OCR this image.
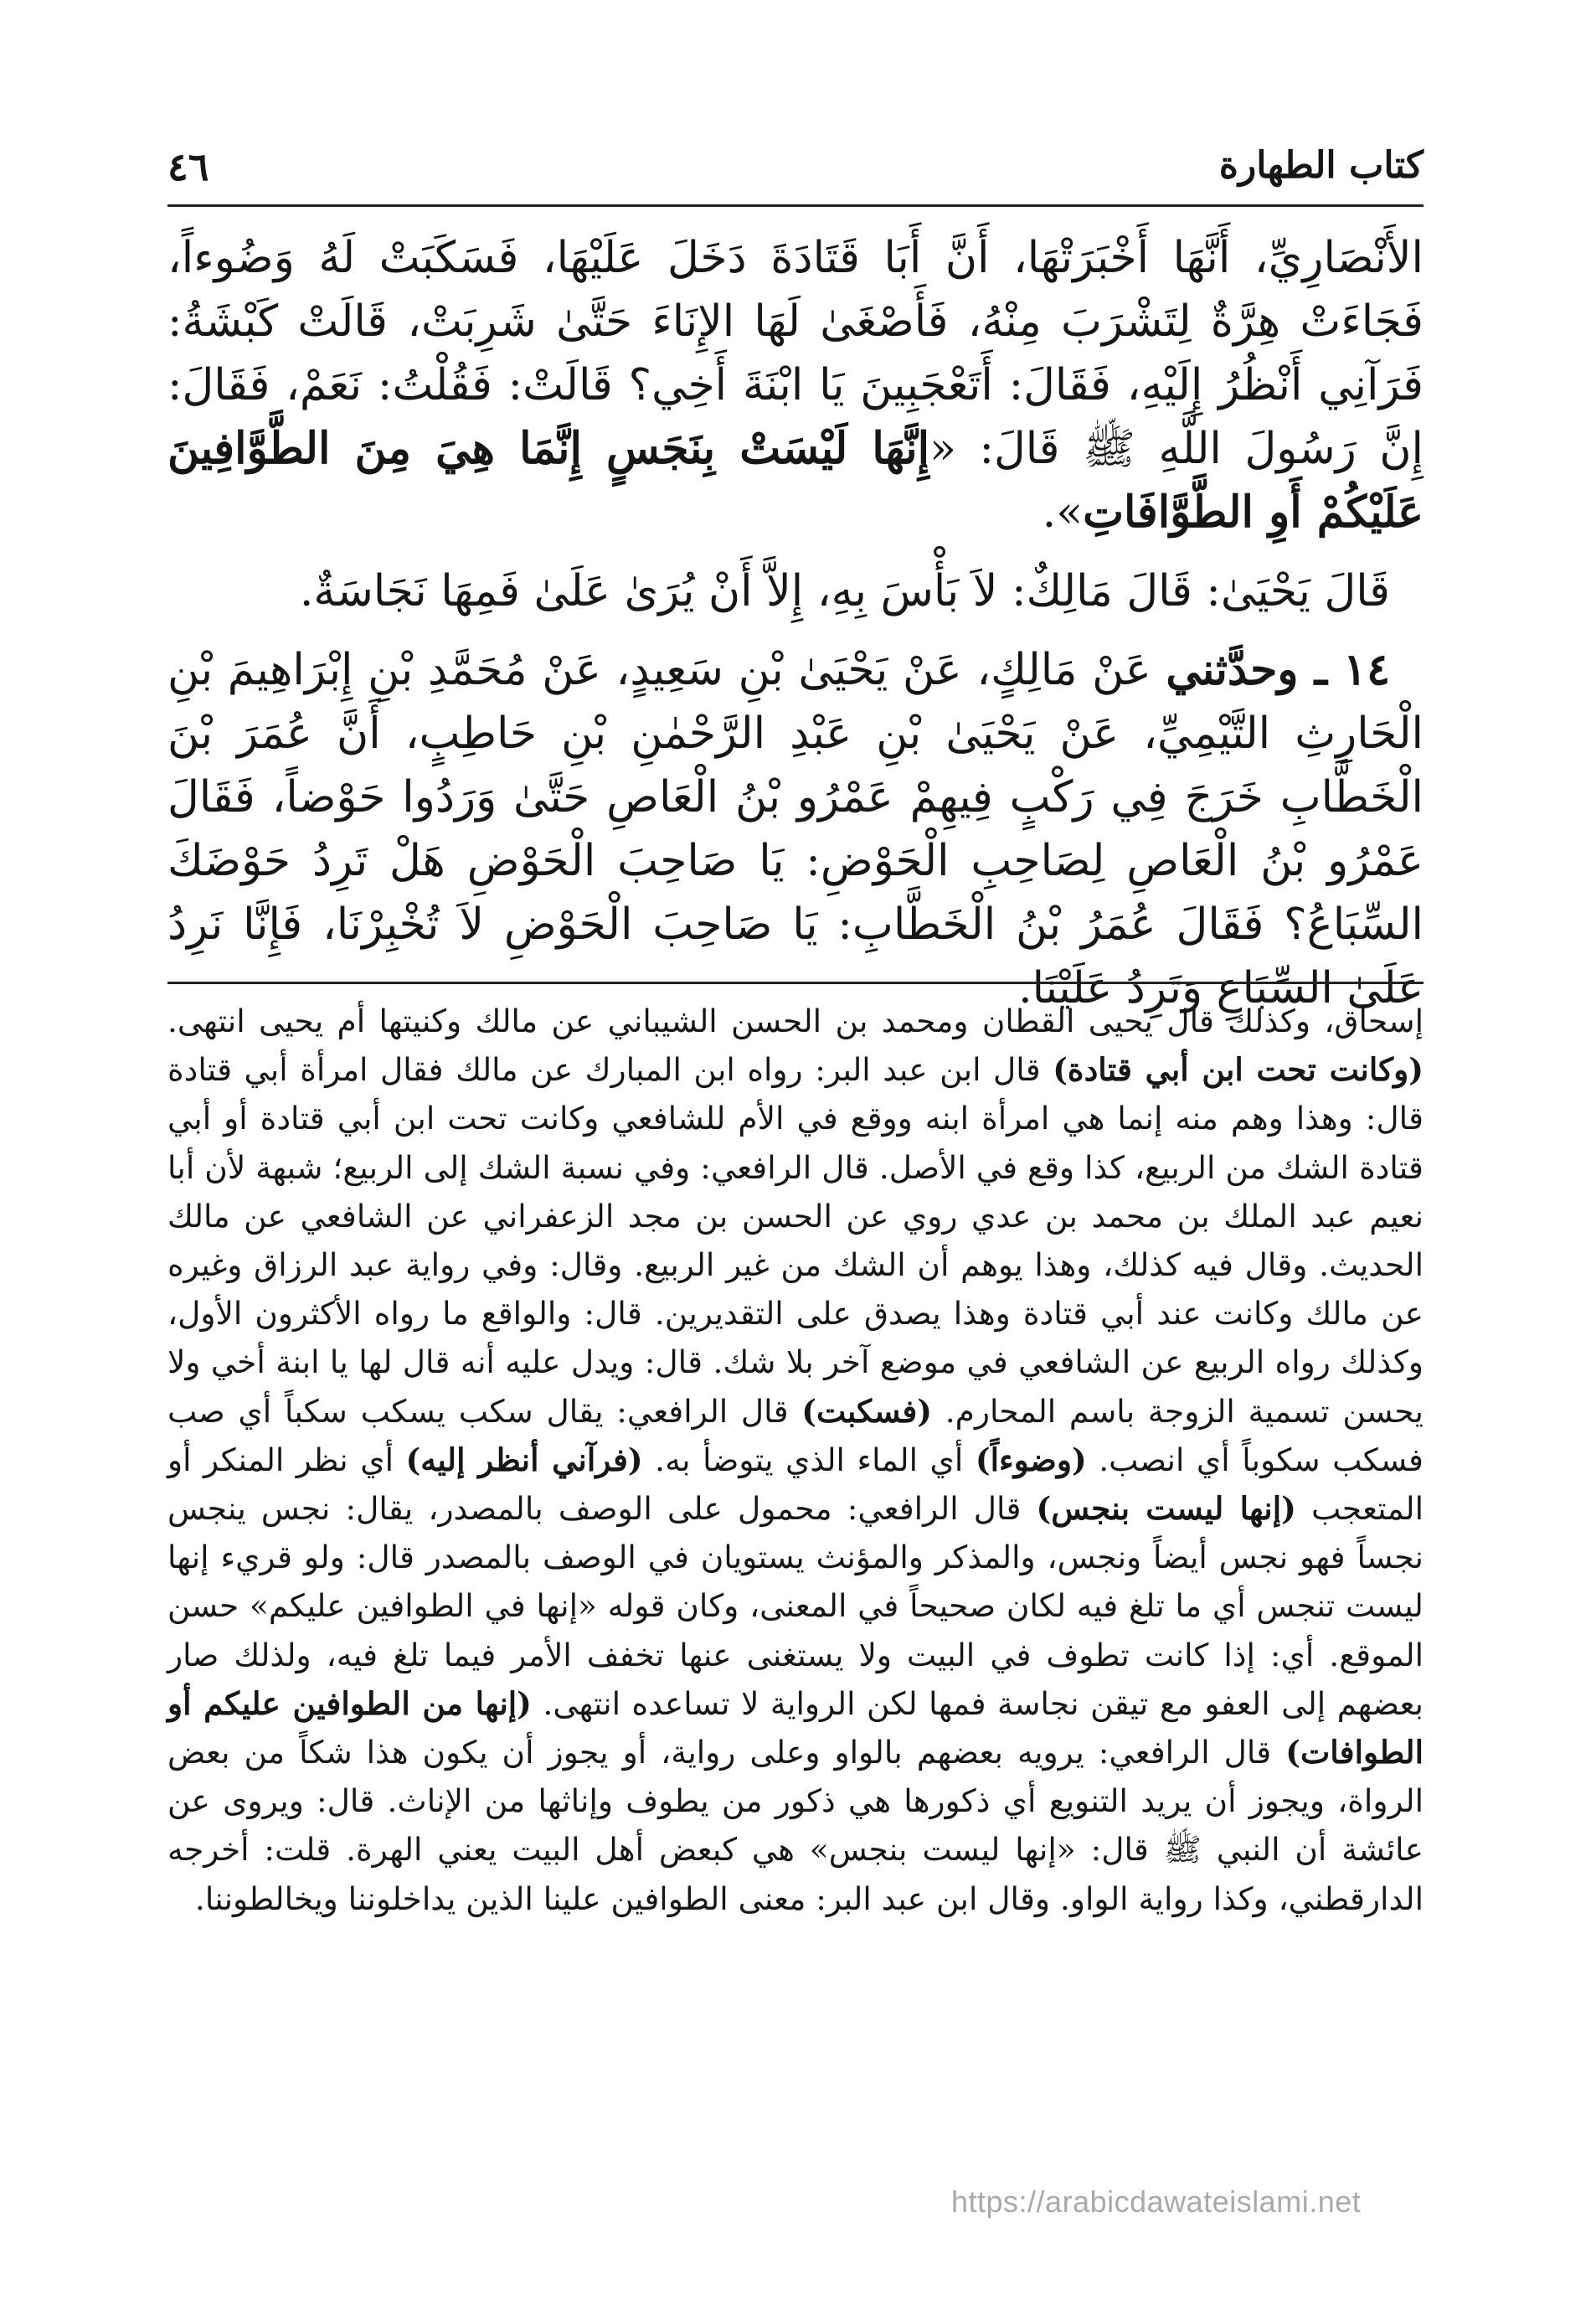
كتاب الطهارة
٤٦

الأَنْصَارِيِّ، أَنَّهَا أَخْبَرَتْهَا، أَنَّ أَبَا قَتَادَةَ دَخَلَ عَلَيْهَا، فَسَكَبَتْ لَهُ وَضُوءاً، فَجَاءَتْ هِرَّةٌ لِتَشْرَبَ مِنْهُ، فَأَصْغَىٰ لَهَا الإِنَاءَ حَتَّىٰ شَرِبَتْ، قَالَتْ كَبْشَةُ: فَرَآنِي أَنْظُرُ إِلَيْهِ، فَقَالَ: أَتَعْجَبِينَ يَا ابْنَةَ أَخِي؟ قَالَتْ: فَقُلْتُ: نَعَمْ، فَقَالَ: إِنَّ رَسُولَ اللَّهِ ﷺ قَالَ: «إِنَّهَا لَيْسَتْ بِنَجَسٍ إِنَّمَا هِيَ مِنَ الطَّوَّافِينَ عَلَيْكُمْ أَوِ الطَّوَّافَاتِ».

قَالَ يَحْيَىٰ: قَالَ مَالِكٌ: لاَ بَأْسَ بِهِ، إِلاَّ أَنْ يُرَىٰ عَلَىٰ فَمِهَا نَجَاسَةٌ.

١٤ ـ وحدَّثني عَنْ مَالِكٍ، عَنْ يَحْيَىٰ بْنِ سَعِيدٍ، عَنْ مُحَمَّدِ بْنِ إِبْرَاهِيمَ بْنِ الْحَارِثِ التَّيْمِيِّ، عَنْ يَحْيَىٰ بْنِ عَبْدِ الرَّحْمٰنِ بْنِ حَاطِبٍ، أَنَّ عُمَرَ بْنَ الْخَطَّابِ خَرَجَ فِي رَكْبٍ فِيهِمْ عَمْرُو بْنُ الْعَاصِ حَتَّىٰ وَرَدُوا حَوْضاً، فَقَالَ عَمْرُو بْنُ الْعَاصِ لِصَاحِبِ الْحَوْضِ: يَا صَاحِبَ الْحَوْضِ هَلْ تَرِدُ حَوْضَكَ السِّبَاعُ؟ فَقَالَ عُمَرُ بْنُ الْخَطَّابِ: يَا صَاحِبَ الْحَوْضِ لاَ تُخْبِرْنَا، فَإِنَّا نَرِدُ عَلَىٰ السِّبَاعِ وَتَرِدُ عَلَيْنَا.

إسحاق، وكذلك قال يحيى القطان ومحمد بن الحسن الشيباني عن مالك وكنيتها أم يحيى انتهى. (وكانت تحت ابن أبي قتادة) قال ابن عبد البر: رواه ابن المبارك عن مالك فقال امرأة أبي قتادة قال: وهذا وهم منه إنما هي امرأة ابنه ووقع في الأم للشافعي وكانت تحت ابن أبي قتادة أو أبي قتادة الشك من الربيع، كذا وقع في الأصل. قال الرافعي: وفي نسبة الشك إلى الربيع؛ شبهة لأن أبا نعيم عبد الملك بن محمد بن عدي روي عن الحسن بن مجد الزعفراني عن الشافعي عن مالك الحديث. وقال فيه كذلك، وهذا يوهم أن الشك من غير الربيع. وقال: وفي رواية عبد الرزاق وغيره عن مالك وكانت عند أبي قتادة وهذا يصدق على التقديرين. قال: والواقع ما رواه الأكثرون الأول، وكذلك رواه الربيع عن الشافعي في موضع آخر بلا شك. قال: ويدل عليه أنه قال لها يا ابنة أخي ولا يحسن تسمية الزوجة باسم المحارم. (فسكبت) قال الرافعي: يقال سكب يسكب سكباً أي صب فسكب سكوباً أي انصب. (وضوءاً) أي الماء الذي يتوضأ به. (فرآني أنظر إليه) أي نظر المنكر أو المتعجب (إنها ليست بنجس) قال الرافعي: محمول على الوصف بالمصدر، يقال: نجس ينجس نجساً فهو نجس أيضاً ونجس، والمذكر والمؤنث يستويان في الوصف بالمصدر قال: ولو قريء إنها ليست تنجس أي ما تلغ فيه لكان صحيحاً في المعنى، وكان قوله «إنها في الطوافين عليكم» حسن الموقع. أي: إذا كانت تطوف في البيت ولا يستغنى عنها تخفف الأمر فيما تلغ فيه، ولذلك صار بعضهم إلى العفو مع تيقن نجاسة فمها لكن الرواية لا تساعده انتهى. (إنها من الطوافين عليكم أو الطوافات) قال الرافعي: يرويه بعضهم بالواو وعلى رواية، أو يجوز أن يكون هذا شكاً من بعض الرواة، ويجوز أن يريد التنويع أي ذكورها هي ذكور من يطوف وإناثها من الإناث. قال: ويروى عن عائشة أن النبي ﷺ قال: «إنها ليست بنجس» هي كبعض أهل البيت يعني الهرة. قلت: أخرجه الدارقطني، وكذا رواية الواو. وقال ابن عبد البر: معنى الطوافين علينا الذين يداخلوننا ويخالطوننا.

https://arabicdawateislami.net
